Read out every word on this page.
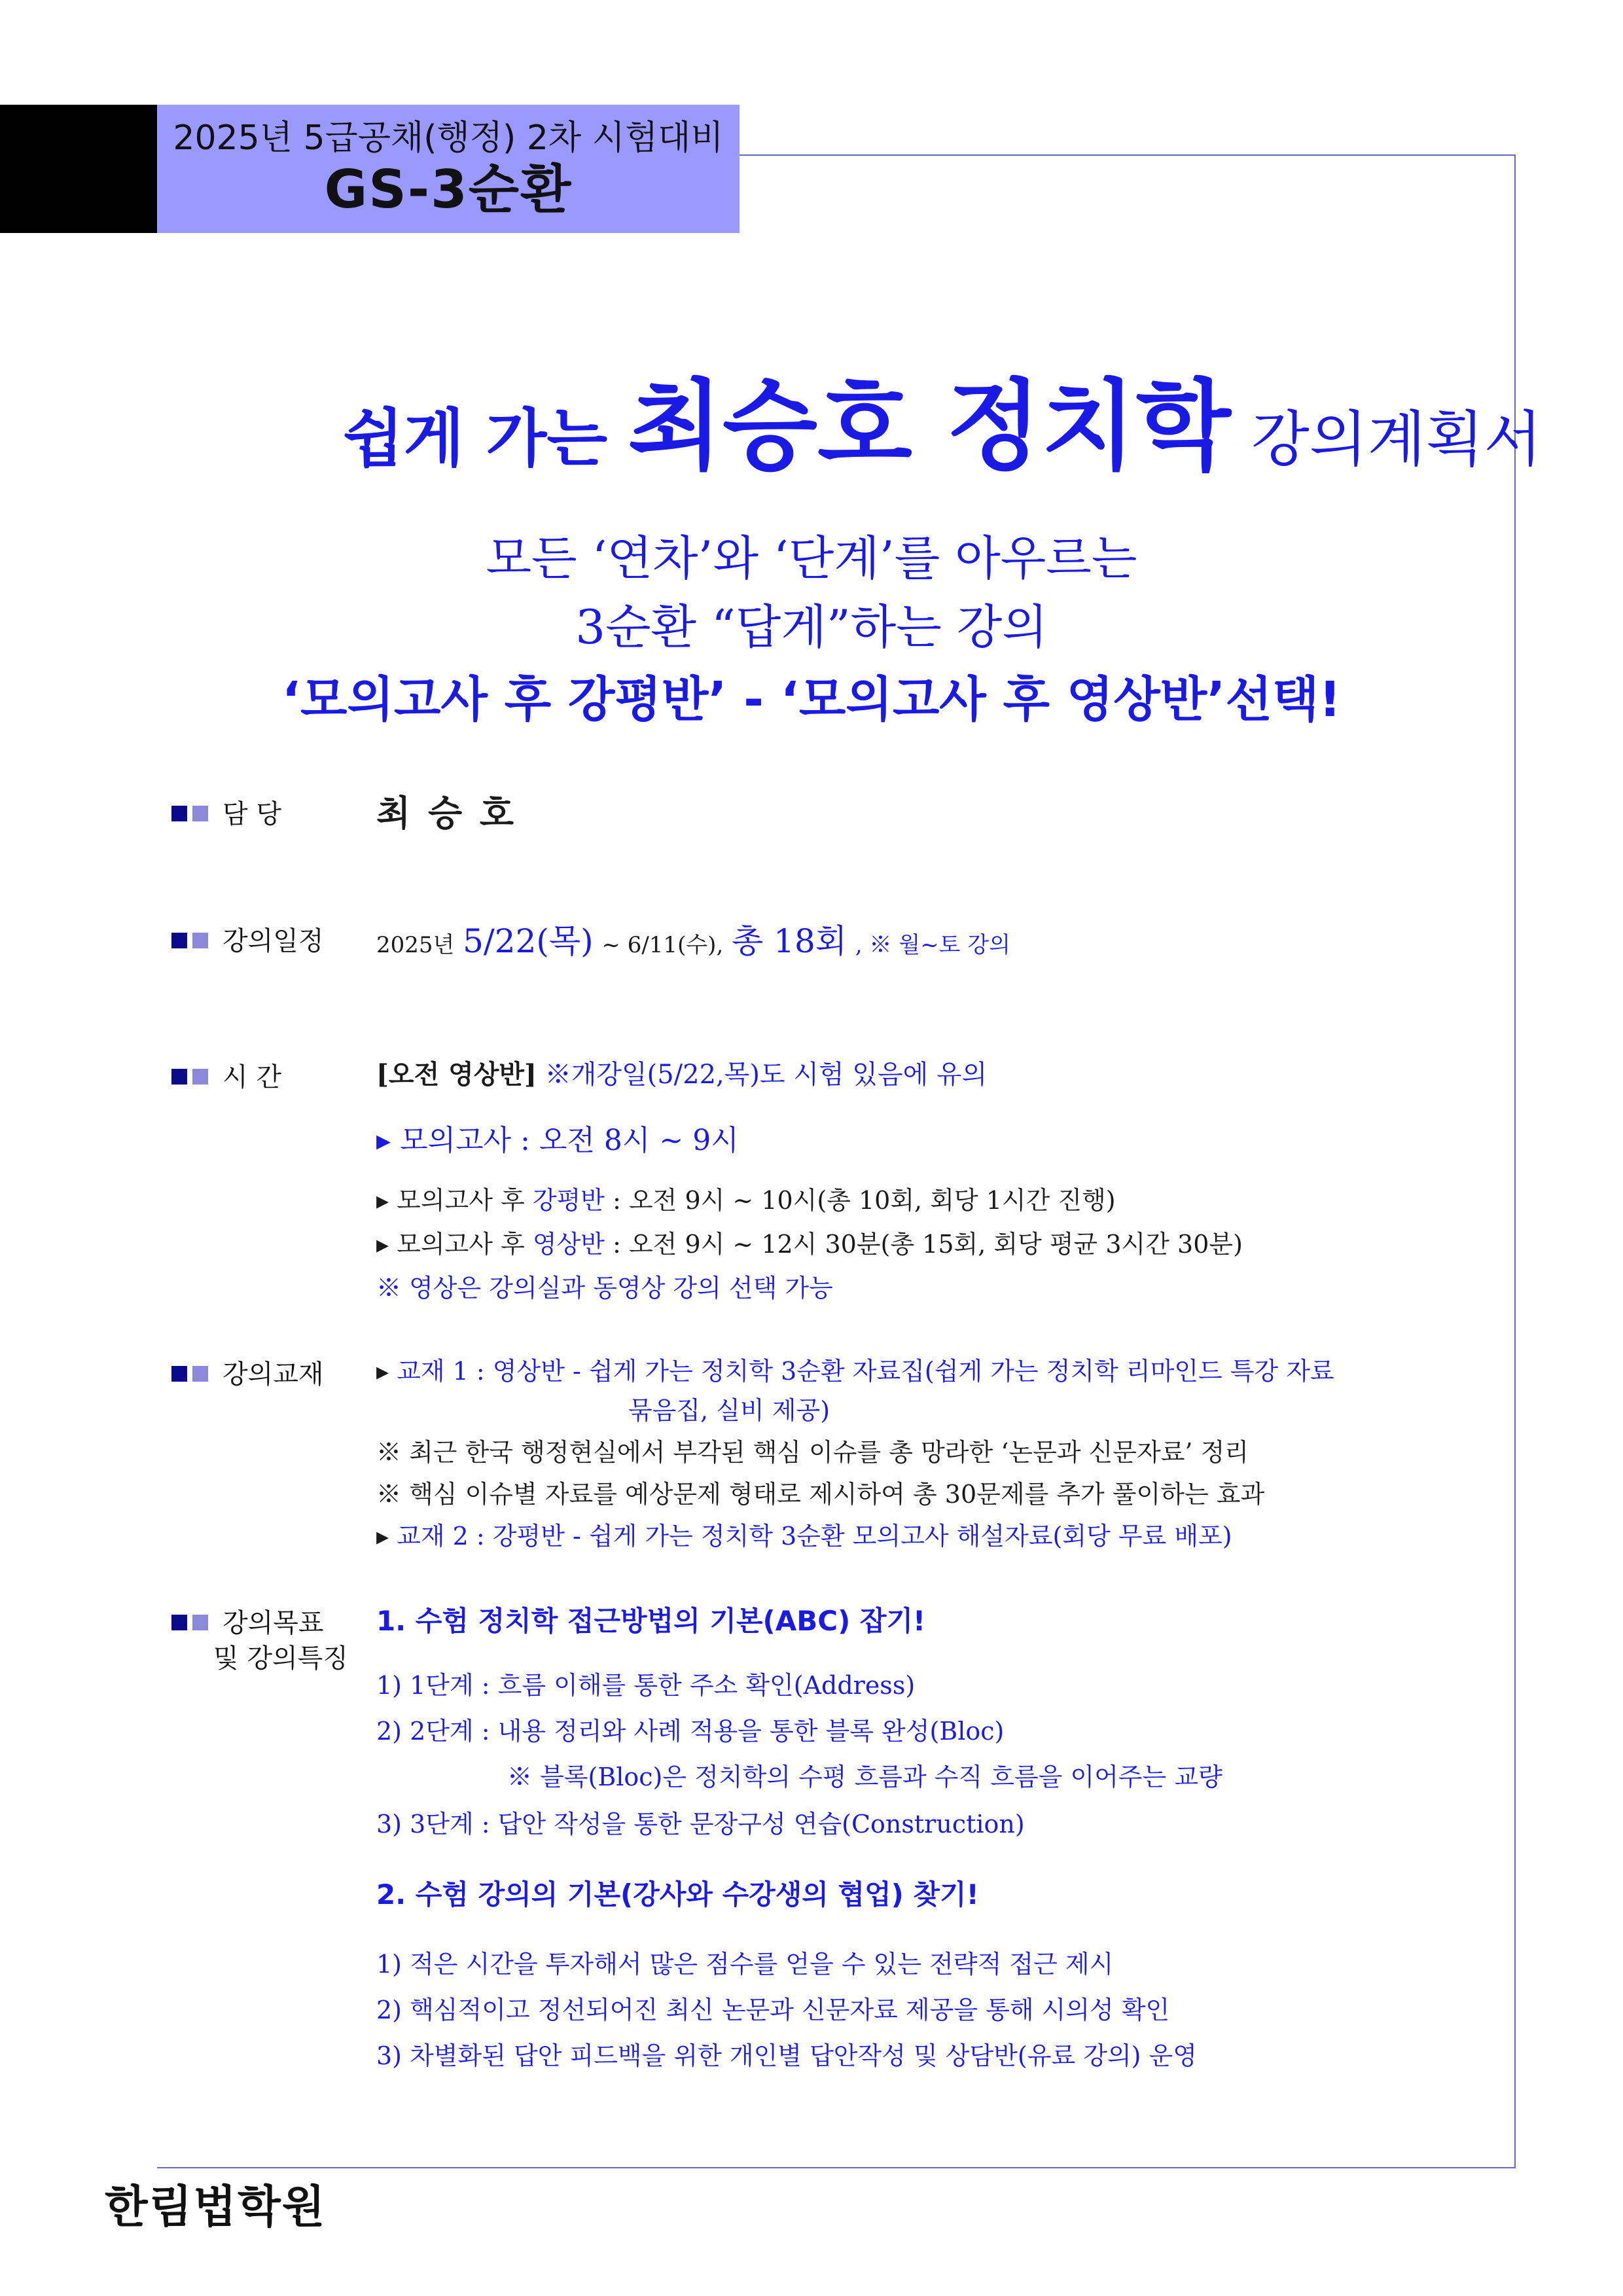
2025년 5급공채(행정) 2차 시험대비
GS-3순환
쉽게 가는 최승호 정치학 강의계획서
모든 ‘연차’와 ‘단계’를 아우르는
3순환 “답게”하는 강의
‘모의고사 후 강평반’ - ‘모의고사 후 영상반’선택!
담 당	최 승 호
강의일정 2025년 5/22(목) ~ 6/11(수), 총 18회 , ※ 월~토 강의
시 간	[오전 영상반] ※개강일(5/22,목)도 시험 있음에 유의
▸ 모의고사 : 오전 8시 ~ 9시
▸ 모의고사 후 강평반 : 오전 9시 ~ 10시(총 10회, 회당 1시간 진행)
▸ 모의고사 후 영상반 : 오전 9시 ~ 12시 30분(총 15회, 회당 평균 3시간 30분)
※ 영상은 강의실과 동영상 강의 선택 가능
강의교재 ▸ 교재 1 : 영상반 - 쉽게 가는 정치학 3순환 자료집(쉽게 가는 정치학 리마인드 특강 자료
묶음집, 실비 제공)
※ 최근 한국 행정현실에서 부각된 핵심 이슈를 총 망라한 ‘논문과 신문자료’ 정리
※ 핵심 이슈별 자료를 예상문제 형태로 제시하여 총 30문제를 추가 풀이하는 효과
▸ 교재 2 : 강평반 - 쉽게 가는 정치학 3순환 모의고사 해설자료(회당 무료 배포)
강의목표
및 강의특징
1. 수험 정치학 접근방법의 기본(ABC) 잡기!
1) 1단계 : 흐름 이해를 통한 주소 확인(Address)
2) 2단계 : 내용 정리와 사례 적용을 통한 블록 완성(Bloc)
※ 블록(Bloc)은 정치학의 수평 흐름과 수직 흐름을 이어주는 교량
3) 3단계 : 답안 작성을 통한 문장구성 연습(Construction)
2. 수험 강의의 기본(강사와 수강생의 협업) 찾기!
1) 적은 시간을 투자해서 많은 점수를 얻을 수 있는 전략적 접근 제시
2) 핵심적이고 정선되어진 최신 논문과 신문자료 제공을 통해 시의성 확인
3) 차별화된 답안 피드백을 위한 개인별 답안작성 및 상담반(유료 강의) 운영
한림법학원
